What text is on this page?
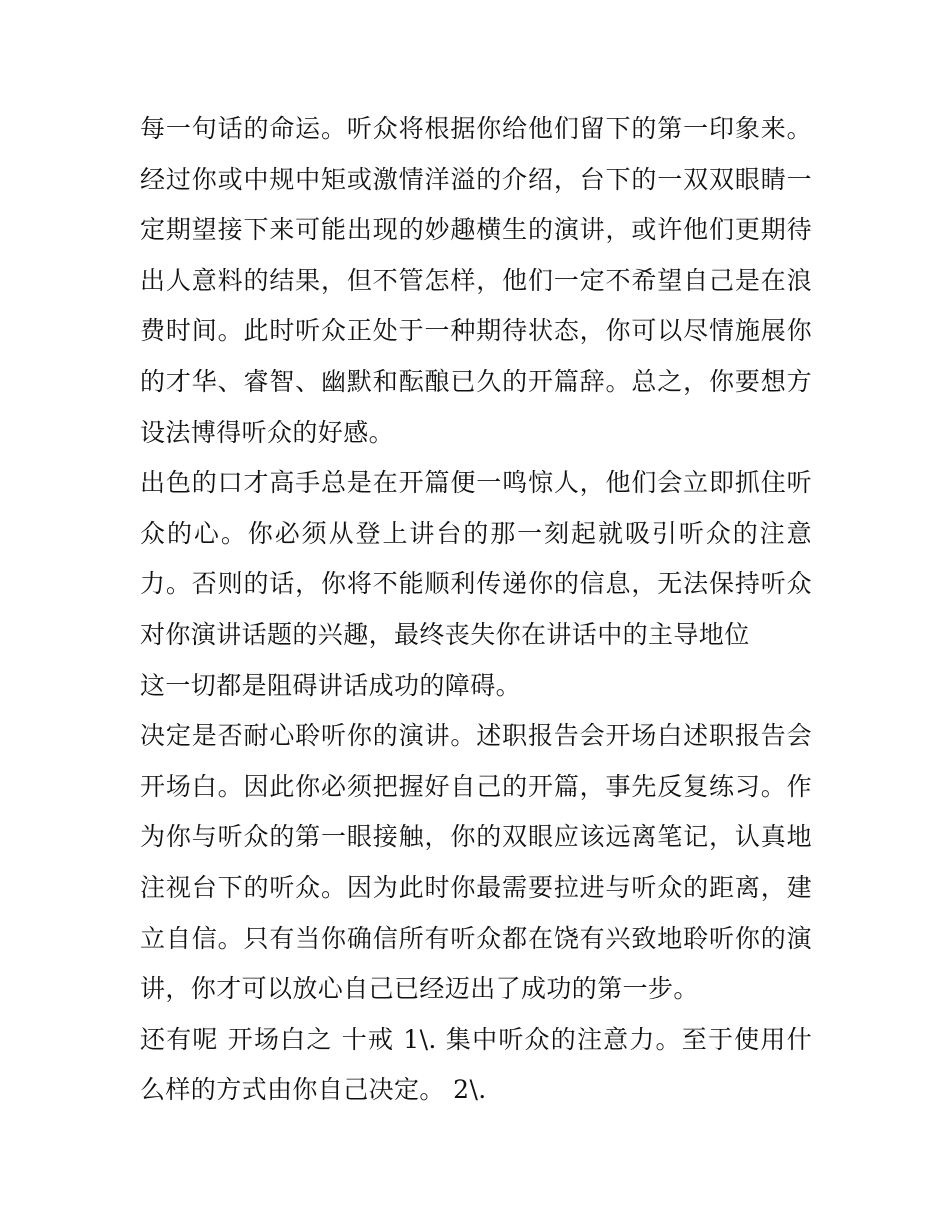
每一句话的命运。听众将根据你给他们留下的第一印象来。经过你或中规中矩或激情洋溢的介绍，台下的一双双眼睛一定期望接下来可能出现的妙趣横生的演讲，或许他们更期待出人意料的结果，但不管怎样，他们一定不希望自己是在浪费时间。此时听众正处于一种期待状态，你可以尽情施展你的才华、睿智、幽默和酝酿已久的开篇辞。总之，你要想方设法博得听众的好感。

出色的口才高手总是在开篇便一鸣惊人，他们会立即抓住听众的心。你必须从登上讲台的那一刻起就吸引听众的注意力。否则的话，你将不能顺利传递你的信息，无法保持听众对你演讲话题的兴趣，最终丧失你在讲话中的主导地位

这一切都是阻碍讲话成功的障碍。

决定是否耐心聆听你的演讲。述职报告会开场白述职报告会开场白。因此你必须把握好自己的开篇，事先反复练习。作为你与听众的第一眼接触，你的双眼应该远离笔记，认真地注视台下的听众。因为此时你最需要拉进与听众的距离，建立自信。只有当你确信所有听众都在饶有兴致地聆听你的演讲，你才可以放心自己已经迈出了成功的第一步。

还有呢 开场白之 十戒 1\. 集中听众的注意力。至于使用什么样的方式由你自己决定。 2\.
